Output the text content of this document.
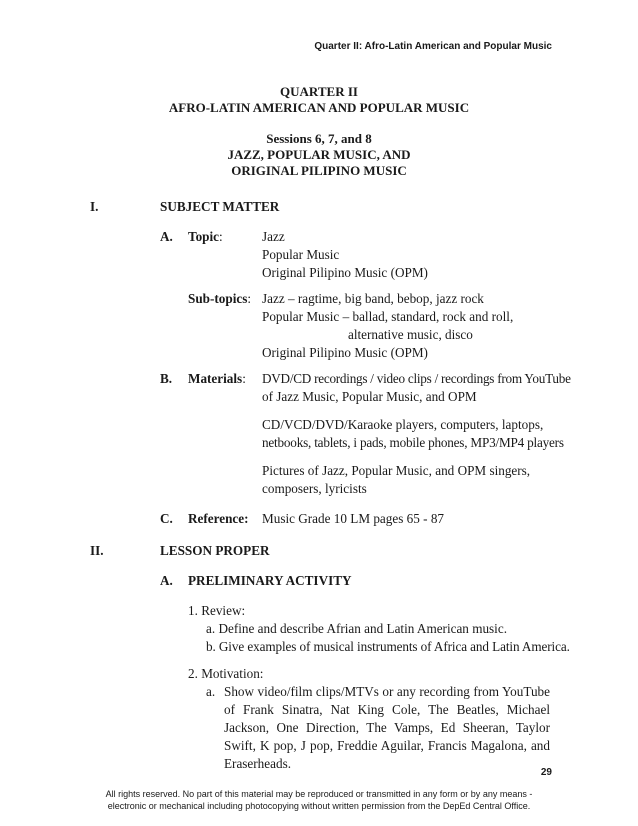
Quarter II: Afro-Latin American and Popular Music
QUARTER II
AFRO-LATIN AMERICAN AND POPULAR MUSIC
Sessions 6, 7, and 8
JAZZ, POPULAR MUSIC, AND
ORIGINAL PILIPINO MUSIC
I.	SUBJECT MATTER
A. Topic:	Jazz
Popular Music
Original Pilipino Music (OPM)
Sub-topics: Jazz – ragtime, big band, bebop, jazz rock
Popular Music – ballad, standard, rock and roll,
alternative music, disco
Original Pilipino Music (OPM)
B. Materials: DVD/CD recordings / video clips / recordings from YouTube
of Jazz Music, Popular Music, and OPM
CD/VCD/DVD/Karaoke players, computers, laptops,
netbooks, tablets, i pads, mobile phones, MP3/MP4 players
Pictures of Jazz, Popular Music, and OPM singers,
composers, lyricists
C. Reference: Music Grade 10 LM pages 65 - 87
II.	LESSON PROPER
A. PRELIMINARY ACTIVITY
1. Review:
a. Define and describe Afrian and Latin American music.
b. Give examples of musical instruments of Africa and Latin America.
2. Motivation:
a. Show video/film clips/MTVs or any recording from YouTube of Frank Sinatra, Nat King Cole, The Beatles, Michael Jackson, One Direction, The Vamps, Ed Sheeran, Taylor Swift, K pop, J pop, Freddie Aguilar, Francis Magalona, and Eraserheads.
29
All rights reserved. No part of this material may be reproduced or transmitted in any form or by any means -
electronic or mechanical including photocopying without written permission from the DepEd Central Office.
